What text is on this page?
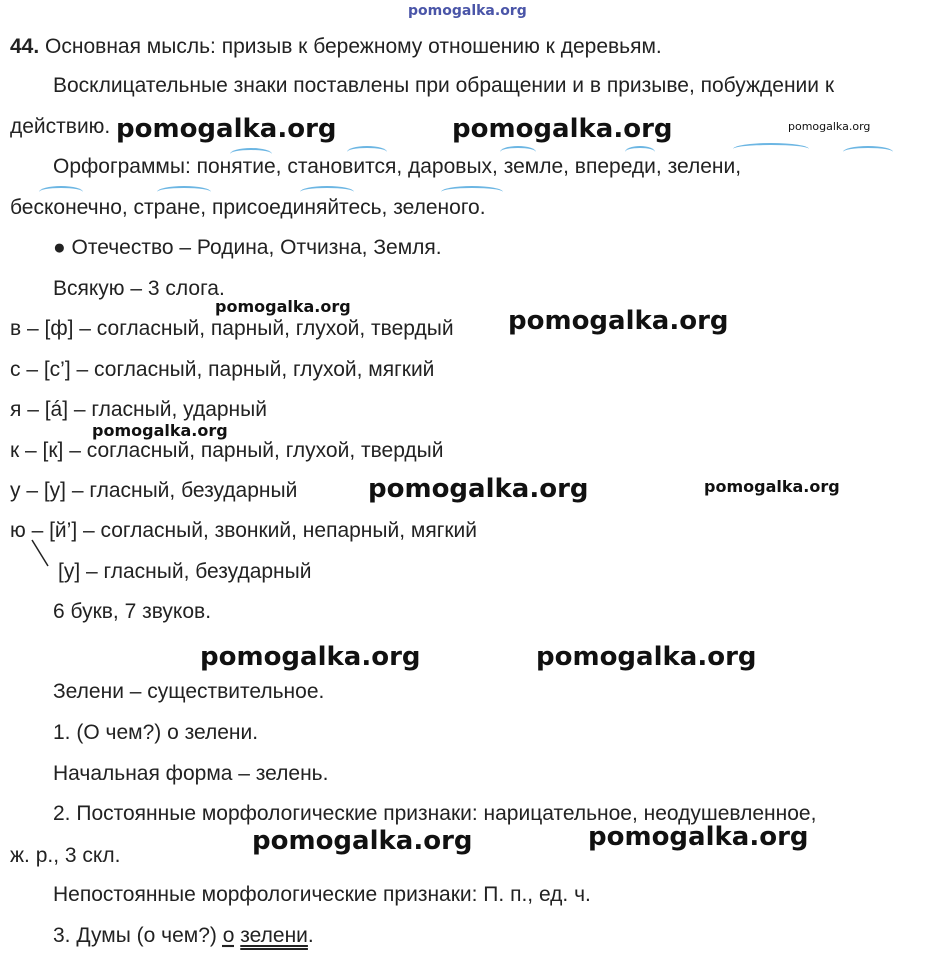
pomogalka.org
44. Основная мысль: призыв к бережному отношению к деревьям.
Восклицательные знаки поставлены при обращении и в призыве, побуждении к
действию.
Орфограммы: понятие, становится, даровых, земле, впереди, зелени,
бесконечно, стране, присоединяйтесь, зеленого.
● Отечество – Родина, Отчизна, Земля.
Всякую – 3 слога.
в – [ф] – согласный, парный, глухой, твердый
с – [с’] – согласный, парный, глухой, мягкий
я – [á] – гласный, ударный
к – [к] – согласный, парный, глухой, твердый
у – [у] – гласный, безударный
ю – [й’] – согласный, звонкий, непарный, мягкий
[у] – гласный, безударный
6 букв, 7 звуков.
Зелени – существительное.
1. (О чем?) о зелени.
Начальная форма – зелень.
2. Постоянные морфологические признаки: нарицательное, неодушевленное,
ж. р., 3 скл.
Непостоянные морфологические признаки: П. п., ед. ч.
3. Думы (о чем?) о зелени.
pomogalka.org	pomogalka.org	pomogalka.org
pomogalka.org	pomogalka.org
pomogalka.org
pomogalka.org	pomogalka.org
pomogalka.org	pomogalka.org
pomogalka.org	pomogalka.org
